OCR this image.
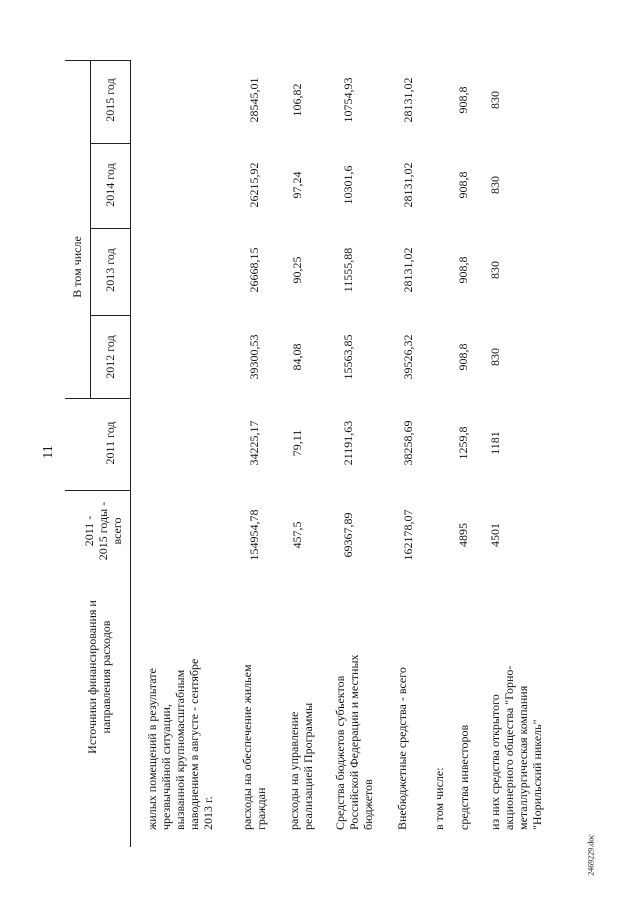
11
Источники финансирования и
направления расходов
2011 -
2015 годы -
всего
В том числе
2011 год
2012 год
2013 год
2014 год
2015 год
жилых помещений в результате
чрезвычайной ситуации,
вызванной крупномасштабным
наводнением в августе - сентябре
2013 г. расходы на обеспечение жильем
граждан расходы на управление
реализацией Программы
Средства бюджетов субъектов
Российской Федерации и местных
бюджетов Внебюджетные средства - всего в том числе: средства инвесторов из них средства открытого
акционерного общества "Горно-
металлургическая компания
"Норильский никель"
154954,78
34225,17
39300,53
26668,15
26215,92
28545,01
457,5
79,11
84,08
90,25
97,24
106,82
69367,89
21191,63
15563,85
11555,88
10301,6
10754,93
162178,07
38258,69
39526,32
28131,02
28131,02
28131,02
4895
1259,8
908,8
908,8
908,8
908,8
4501
1181
830
830
830
830
2469229.doc
